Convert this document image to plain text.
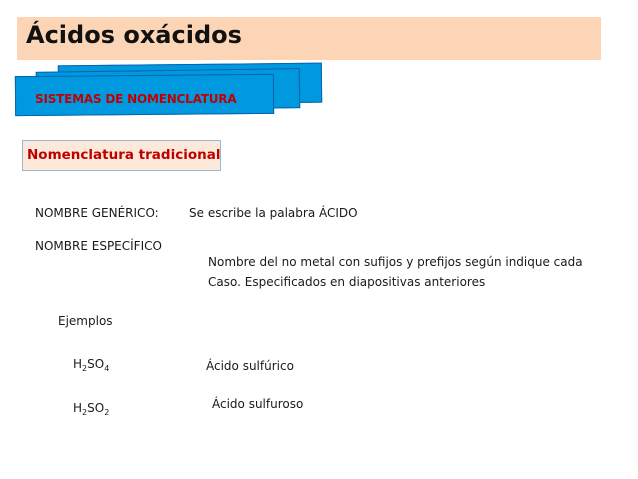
Ácidos oxácidos
SISTEMAS DE NOMENCLATURA
Nomenclatura tradicional
NOMBRE GENÉRICO:	Se escribe la palabra ÁCIDO
NOMBRE ESPECÍFICO
Nombre del no metal con sufijos y prefijos según indique cada
Caso. Especificados en diapositivas anteriores
Ejemplos
$H_2SO_4$	Ácido sulfúrico
$H_2SO_2$
Ácido sulfuroso
